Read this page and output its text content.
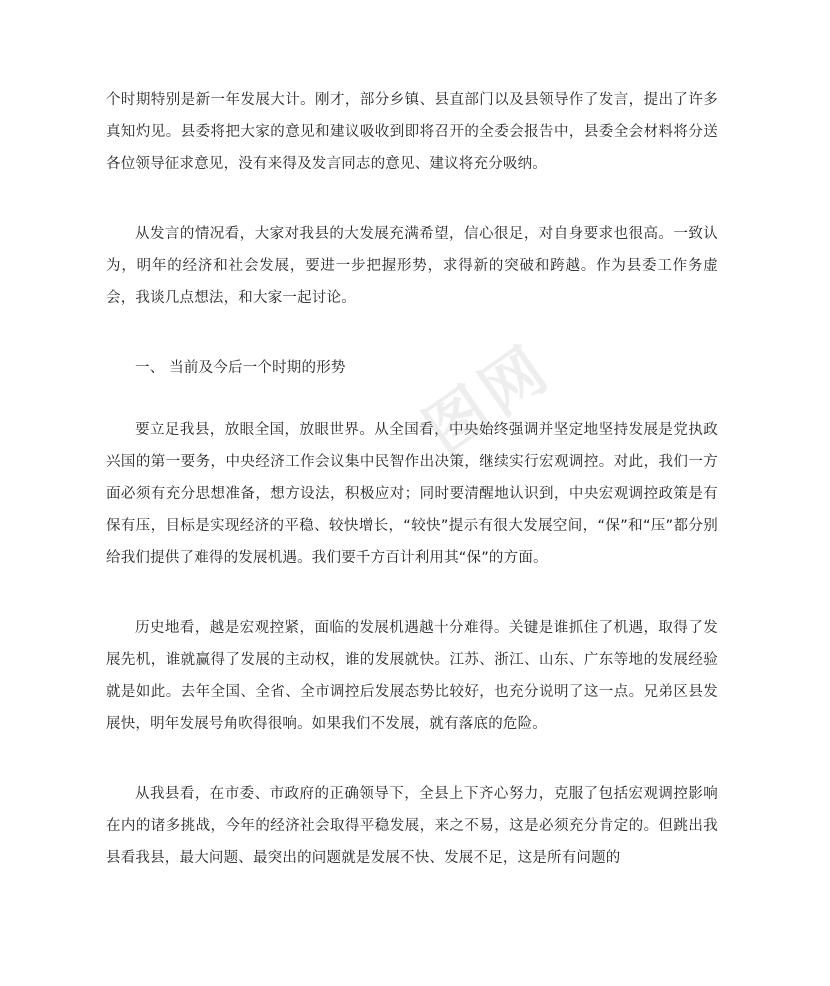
个时期特别是新一年发展大计。刚才，部分乡镇、县直部门以及县领导作了发言，提出了许多真知灼见。县委将把大家的意见和建议吸收到即将召开的全委会报告中，县委全会材料将分送各位领导征求意见，没有来得及发言同志的意见、建议将充分吸纳。

从发言的情况看，大家对我县的大发展充满希望，信心很足，对自身要求也很高。一致认为，明年的经济和社会发展，要进一步把握形势，求得新的突破和跨越。作为县委工作务虚会，我谈几点想法，和大家一起讨论。

一、 当前及今后一个时期的形势

要立足我县，放眼全国，放眼世界。从全国看，中央始终强调并坚定地坚持发展是党执政兴国的第一要务，中央经济工作会议集中民智作出决策，继续实行宏观调控。对此，我们一方面必须有充分思想准备，想方设法，积极应对；同时要清醒地认识到，中央宏观调控政策是有保有压，目标是实现经济的平稳、较快增长，“较快”提示有很大发展空间，“保”和“压”都分别给我们提供了难得的发展机遇。我们要千方百计利用其“保”的方面。

历史地看，越是宏观控紧，面临的发展机遇越十分难得。关键是谁抓住了机遇，取得了发展先机，谁就赢得了发展的主动权，谁的发展就快。江苏、浙江、山东、广东等地的发展经验就是如此。去年全国、全省、全市调控后发展态势比较好，也充分说明了这一点。兄弟区县发展快，明年发展号角吹得很响。如果我们不发展，就有落底的危险。

从我县看，在市委、市政府的正确领导下，全县上下齐心努力，克服了包括宏观调控影响在内的诸多挑战，今年的经济社会取得平稳发展，来之不易，这是必须充分肯定的。但跳出我县看我县，最大问题、最突出的问题就是发展不快、发展不足，这是所有问题的

图网
